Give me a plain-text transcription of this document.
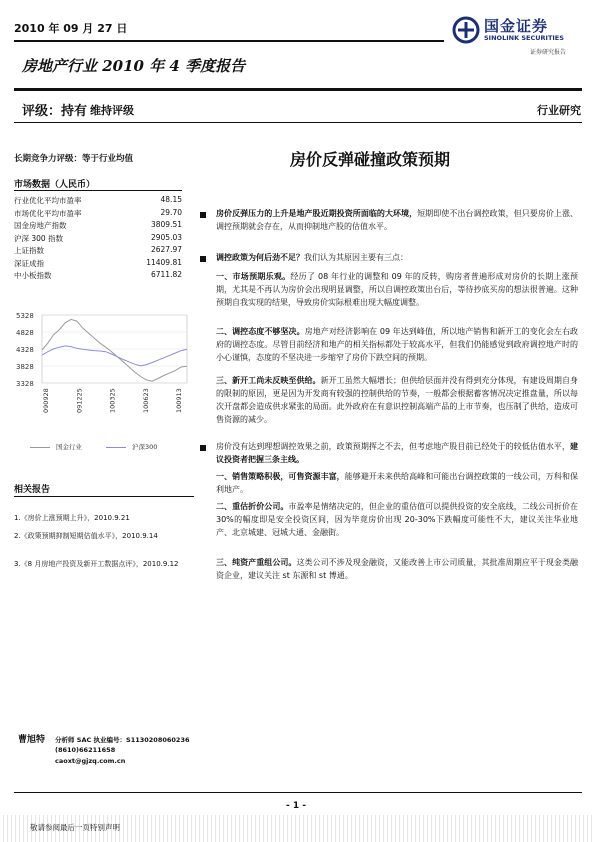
2010 年 09 月 27 日	国金证券
SINOLINK SECURITIES
证券研究报告
房地产行业 2010 年 4 季度报告
评级：持有 维持评级	行业研究
长期竞争力评级：等于行业均值	房价反弹碰撞政策预期
市场数据（人民币）
行业优化平均市盈率	48.15
市场优化平均市盈率	29.70
国金房地产指数	3809.51
沪深 300 指数	2905.03
上证指数	2627.97
深证成指	11409.81
中小板指数	6711.82
5328
4828
4328
3828
3328
090928	091225	100325	100623	100913
国金行业	沪深300
相关报告
1.《房价上涨预期上升》，2010.9.21
2.《政策预期抑制短期估值水平》，2010.9.14
3.《8 月房地产投资及新开工数据点评》，2010.9.12
曹旭特 分析师 SAC 执业编号：S1130208060236
(8610)66211658
caoxt@gjzq.com.cn
房价反弹压力的上升是地产股近期投资所面临的大环境，短期即使不出台调控政策，但只要房价上涨、调控预期就会存在，从而抑制地产股的估值水平。
调控政策为何后劲不足？我们认为其原因主要有三点：
一、市场预期乐观。经历了 08 年行业的调整和 09 年的反转，购房者普遍形成对房价的长期上涨预期，尤其是不再认为房价会出现明显调整，所以自调控政策出台后，等待抄底买房的想法很普遍。这种预期自我实现的结果，导致房价实际根难出现大幅度调整。
二、调控态度不够坚决。房地产对经济影响在 09 年达到峰值，所以地产销售和新开工的变化会左右政府的调控态度。尽管目前经济和地产的相关指标都处于较高水平，但我们仍能感觉到政府调控地产时的小心谨慎，态度的不坚决进一步缩窄了房价下跌空间的预期。
三、新开工尚未反映至供给。新开工虽然大幅增长；但供给层面并没有得到充分体现，有建设周期自身的限制的原因，更是因为开发商有较强的控制供给的节奏，一般都会根据蓄客情况决定推盘量，所以每次开盘都会造成供求紧张的局面。此外政府在有意识控制高端产品的上市节奏，也压制了供给，造成可售资源的减少。
房价没有达到理想调控效果之前，政策预期挥之不去，但考虑地产股目前已经处于的较低估值水平，建议投资者把握三条主线。
一、销售策略积极，可售资源丰富，能够避开未来供给高峰和可能出台调控政策的一线公司，万科和保利地产。
二、重估折价公司。市盈率是情绪决定的，但企业的重估值可以提供投资的安全底线，二线公司折价在 30%的幅度即是安全投资区间，因为毕竟房价出现 20-30%下跌幅度可能性不大，建议关注华业地产、北京城建、冠城大通、金融街。
三、纯资产重组公司。这类公司不涉及现金融资，又能改善上市公司质量，其批准周期应平于现金类融资企业，建议关注 st 东源和 st 博通。
- 1 -
敬请参阅最后一页特别声明
